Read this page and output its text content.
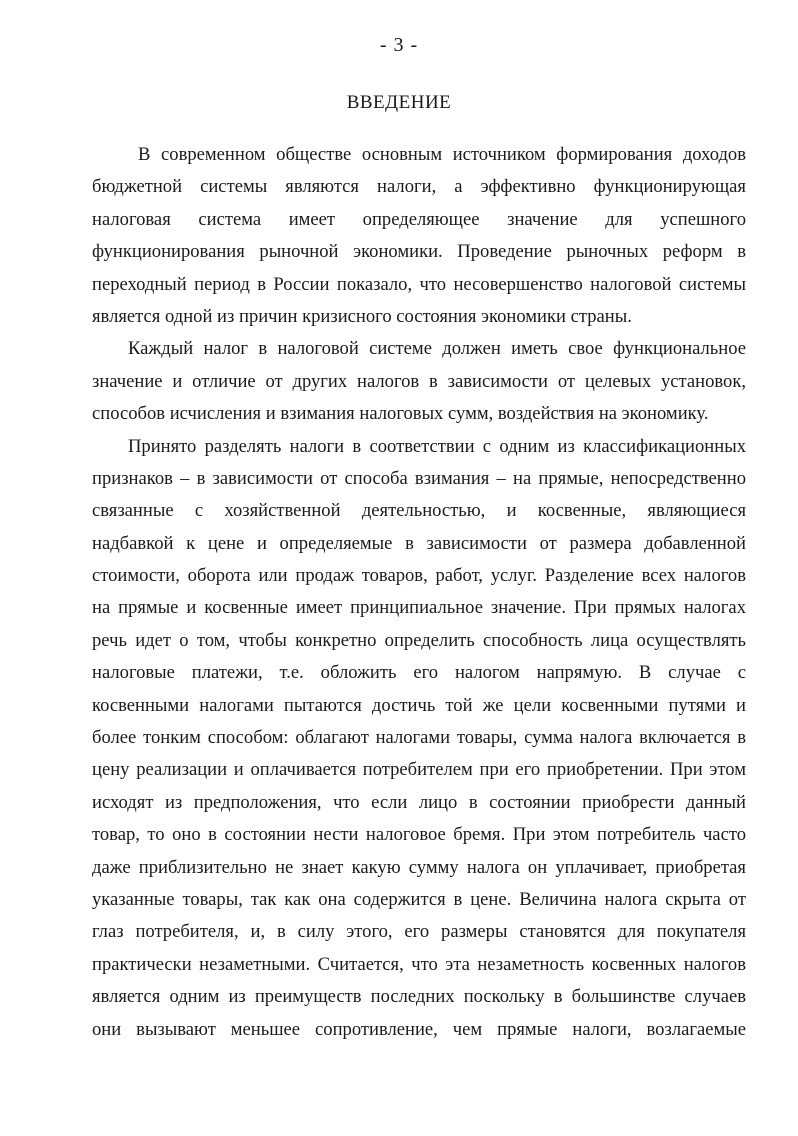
- 3 -
ВВЕДЕНИЕ
В современном обществе основным источником формирования доходов
бюджетной системы являются налоги, а эффективно функционирующая
налоговая система имеет определяющее значение для успешного
функционирования рыночной экономики. Проведение рыночных реформ в
переходный период в России показало, что несовершенство налоговой системы
является одной из причин кризисного состояния экономики страны.
Каждый налог в налоговой системе должен иметь свое функциональное
значение и отличие от других налогов в зависимости от целевых установок,
способов исчисления и взимания налоговых сумм, воздействия на экономику.
Принято разделять налоги в соответствии с одним из классификационных
признаков – в зависимости от способа взимания – на прямые, непосредственно
связанные с хозяйственной деятельностью, и косвенные, являющиеся
надбавкой к цене и определяемые в зависимости от размера добавленной
стоимости, оборота или продаж товаров, работ, услуг. Разделение всех налогов
на прямые и косвенные имеет принципиальное значение. При прямых налогах
речь идет о том, чтобы конкретно определить способность лица осуществлять
налоговые платежи, т.е. обложить его налогом напрямую. В случае с
косвенными налогами пытаются достичь той же цели косвенными путями и
более тонким способом: облагают налогами товары, сумма налога включается в
цену реализации и оплачивается потребителем при его приобретении. При этом
исходят из предположения, что если лицо в состоянии приобрести данный
товар, то оно в состоянии нести налоговое бремя. При этом потребитель часто
даже приблизительно не знает какую сумму налога он уплачивает, приобретая
указанные товары, так как она содержится в цене. Величина налога скрыта от
глаз потребителя, и, в силу этого, его размеры становятся для покупателя
практически незаметными. Считается, что эта незаметность косвенных налогов
является одним из преимуществ последних поскольку в большинстве случаев
они вызывают меньшее сопротивление, чем прямые налоги, возлагаемые
